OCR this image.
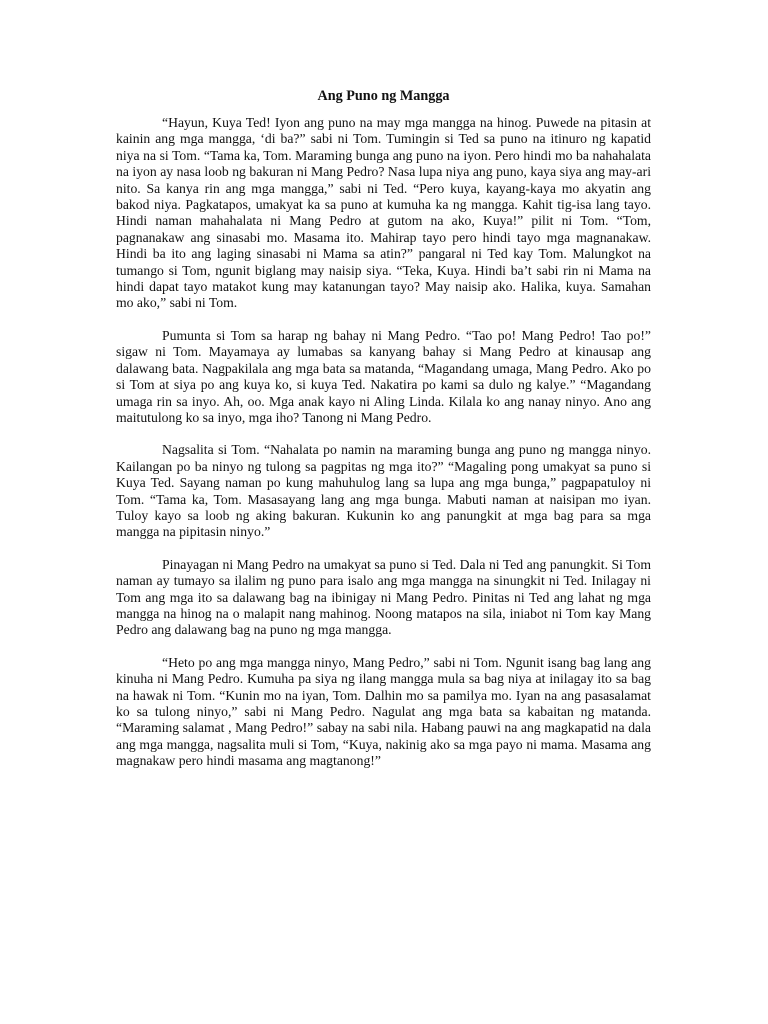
Ang Puno ng Mangga

“Hayun, Kuya Ted! Iyon ang puno na may mga mangga na hinog. Puwede na pitasin at kainin ang mga mangga, ‘di ba?” sabi ni Tom. Tumingin si Ted sa puno na itinuro ng kapatid niya na si Tom. “Tama ka, Tom. Maraming bunga ang puno na iyon. Pero hindi mo ba nahahalata na iyon ay nasa loob ng bakuran ni Mang Pedro? Nasa lupa niya ang puno, kaya siya ang may-ari nito. Sa kanya rin ang mga mangga,” sabi ni Ted. “Pero kuya, kayang-kaya mo akyatin ang bakod niya. Pagkatapos, umakyat ka sa puno at kumuha ka ng mangga. Kahit tig-isa lang tayo. Hindi naman mahahalata ni Mang Pedro at gutom na ako, Kuya!” pilit ni Tom. “Tom, pagnanakaw ang sinasabi mo. Masama ito. Mahirap tayo pero hindi tayo mga magnanakaw. Hindi ba ito ang laging sinasabi ni Mama sa atin?” pangaral ni Ted kay Tom. Malungkot na tumango si Tom, ngunit biglang may naisip siya. “Teka, Kuya. Hindi ba’t sabi rin ni Mama na hindi dapat tayo matakot kung may katanungan tayo? May naisip ako. Halika, kuya. Samahan mo ako,” sabi ni Tom.

Pumunta si Tom sa harap ng bahay ni Mang Pedro. “Tao po! Mang Pedro! Tao po!” sigaw ni Tom. Mayamaya ay lumabas sa kanyang bahay si Mang Pedro at kinausap ang dalawang bata. Nagpakilala ang mga bata sa matanda, “Magandang umaga, Mang Pedro. Ako po si Tom at siya po ang kuya ko, si kuya Ted. Nakatira po kami sa dulo ng kalye.” “Magandang umaga rin sa inyo. Ah, oo. Mga anak kayo ni Aling Linda. Kilala ko ang nanay ninyo. Ano ang maitutulong ko sa inyo, mga iho? Tanong ni Mang Pedro.

Nagsalita si Tom. “Nahalata po namin na maraming bunga ang puno ng mangga ninyo. Kailangan po ba ninyo ng tulong sa pagpitas ng mga ito?” “Magaling pong umakyat sa puno si Kuya Ted. Sayang naman po kung mahuhulog lang sa lupa ang mga bunga,” pagpapatuloy ni Tom. “Tama ka, Tom. Masasayang lang ang mga bunga. Mabuti naman at naisipan mo iyan. Tuloy kayo sa loob ng aking bakuran. Kukunin ko ang panungkit at mga bag para sa mga mangga na pipitasin ninyo.”

Pinayagan ni Mang Pedro na umakyat sa puno si Ted. Dala ni Ted ang panungkit. Si Tom naman ay tumayo sa ilalim ng puno para isalo ang mga mangga na sinungkit ni Ted. Inilagay ni Tom ang mga ito sa dalawang bag na ibinigay ni Mang Pedro. Pinitas ni Ted ang lahat ng mga mangga na hinog na o malapit nang mahinog. Noong matapos na sila, iniabot ni Tom kay Mang Pedro ang dalawang bag na puno ng mga mangga.

“Heto po ang mga mangga ninyo, Mang Pedro,” sabi ni Tom. Ngunit isang bag lang ang kinuha ni Mang Pedro. Kumuha pa siya ng ilang mangga mula sa bag niya at inilagay ito sa bag na hawak ni Tom. “Kunin mo na iyan, Tom. Dalhin mo sa pamilya mo. Iyan na ang pasasalamat ko sa tulong ninyo,” sabi ni Mang Pedro. Nagulat ang mga bata sa kabaitan ng matanda. “Maraming salamat , Mang Pedro!” sabay na sabi nila. Habang pauwi na ang magkapatid na dala ang mga mangga, nagsalita muli si Tom, “Kuya, nakinig ako sa mga payo ni mama. Masama ang magnakaw pero hindi masama ang magtanong!”
